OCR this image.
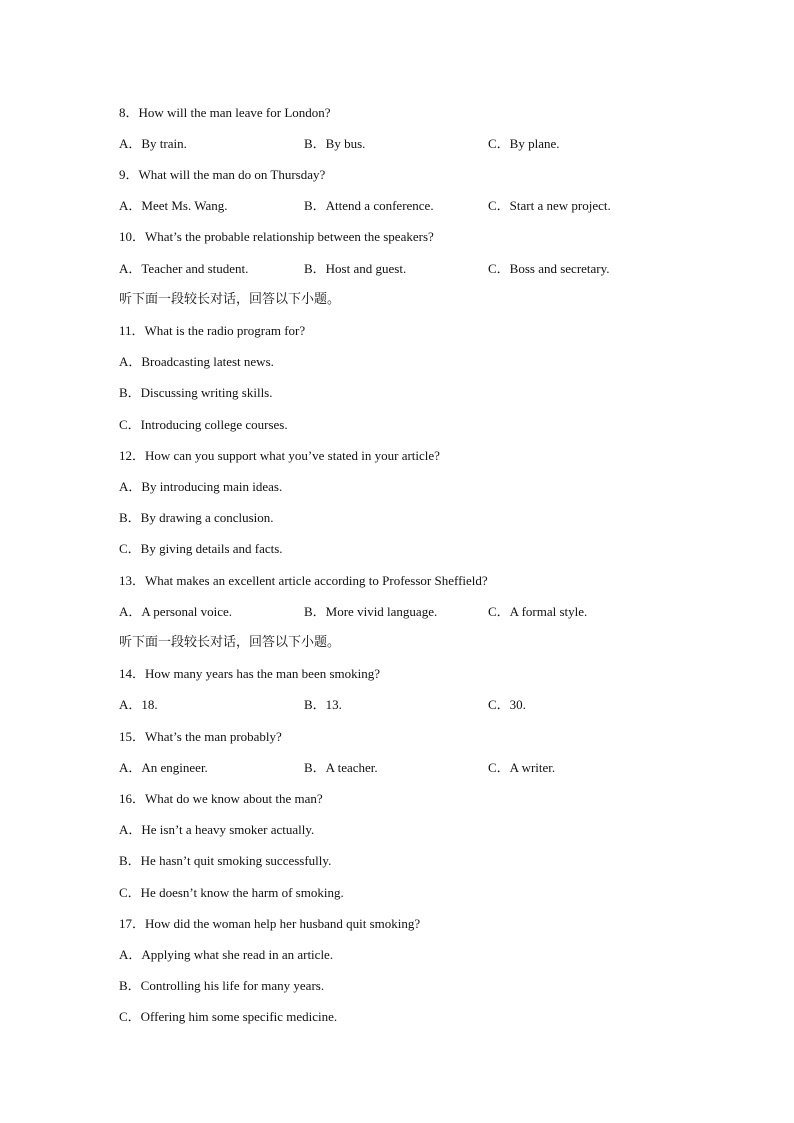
8．How will the man leave for London?
A．By train.	B．By bus.	C．By plane.
9．What will the man do on Thursday?
A．Meet Ms. Wang.	B．Attend a conference.	C．Start a new project.
10．What’s the probable relationship between the speakers?
A．Teacher and student.	B．Host and guest.	C．Boss and secretary.
听下面一段较长对话，回答以下小题。
11．What is the radio program for?
A．Broadcasting latest news.
B．Discussing writing skills.
C．Introducing college courses.
12．How can you support what you’ve stated in your article?
A．By introducing main ideas.
B．By drawing a conclusion.
C．By giving details and facts.
13．What makes an excellent article according to Professor Sheffield?
A．A personal voice.	B．More vivid language.	C．A formal style.
听下面一段较长对话，回答以下小题。
14．How many years has the man been smoking?
A．18.	B．13.	C．30.
15．What’s the man probably?
A．An engineer.	B．A teacher.	C．A writer.
16．What do we know about the man?
A．He isn’t a heavy smoker actually.
B．He hasn’t quit smoking successfully.
C．He doesn’t know the harm of smoking.
17．How did the woman help her husband quit smoking?
A．Applying what she read in an article.
B．Controlling his life for many years.
C．Offering him some specific medicine.
